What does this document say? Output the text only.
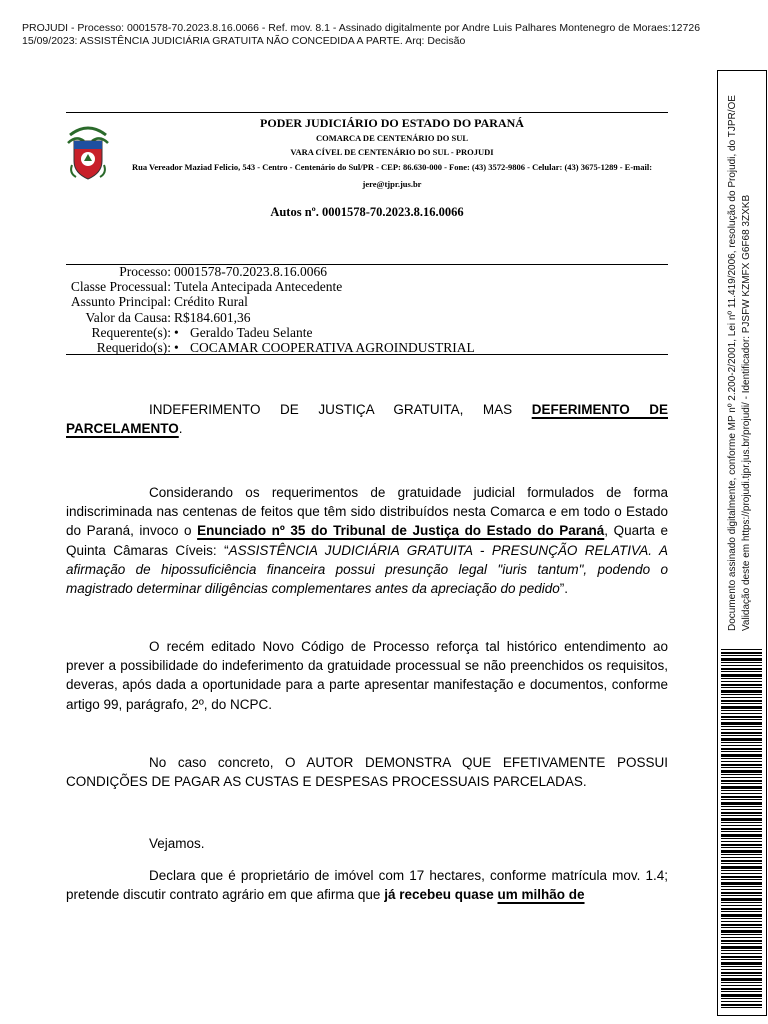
PROJUDI - Processo: 0001578-70.2023.8.16.0066 - Ref. mov. 8.1 - Assinado digitalmente por Andre Luis Palhares Montenegro de Moraes:12726
15/09/2023: ASSISTÊNCIA JUDICIÁRIA GRATUITA NÃO CONCEDIDA A PARTE. Arq: Decisão
PODER JUDICIÁRIO DO ESTADO DO PARANÁ
COMARCA DE CENTENÁRIO DO SUL
VARA CÍVEL DE CENTENÁRIO DO SUL - PROJUDI
Rua Vereador Maziad Felicio, 543 - Centro - Centenário do Sul/PR - CEP: 86.630-000 - Fone: (43) 3572-9806 - Celular: (43) 3675-1289 - E-mail: jere@tjpr.jus.br
Autos nº. 0001578-70.2023.8.16.0066
Processo:	0001578-70.2023.8.16.0066
Classe Processual:	Tutela Antecipada Antecedente
Assunto Principal:	Crédito Rural
Valor da Causa:	R$184.601,36
Requerente(s):	• Geraldo Tadeu Selante
Requerido(s):	• COCAMAR COOPERATIVA AGROINDUSTRIAL
INDEFERIMENTO DE JUSTIÇA GRATUITA, MAS DEFERIMENTO DE PARCELAMENTO.
Considerando os requerimentos de gratuidade judicial formulados de forma indiscriminada nas centenas de feitos que têm sido distribuídos nesta Comarca e em todo o Estado do Paraná, invoco o Enunciado nº 35 do Tribunal de Justiça do Estado do Paraná, Quarta e Quinta Câmaras Cíveis: “ASSISTÊNCIA JUDICIÁRIA GRATUITA - PRESUNÇÃO RELATIVA. A afirmação de hipossuficiência financeira possui presunção legal "iuris tantum", podendo o magistrado determinar diligências complementares antes da apreciação do pedido”.
O recém editado Novo Código de Processo reforça tal histórico entendimento ao prever a possibilidade do indeferimento da gratuidade processual se não preenchidos os requisitos, deveras, após dada a oportunidade para a parte apresentar manifestação e documentos, conforme artigo 99, parágrafo, 2º, do NCPC.
No caso concreto, O AUTOR DEMONSTRA QUE EFETIVAMENTE POSSUI CONDIÇÕES DE PAGAR AS CUSTAS E DESPESAS PROCESSUAIS PARCELADAS.
Vejamos.
Declara que é proprietário de imóvel com 17 hectares, conforme matrícula mov. 1.4; pretende discutir contrato agrário em que afirma que já recebeu quase um milhão de
Documento assinado digitalmente, conforme MP nº 2.200-2/2001, Lei nº 11.419/2006, resolução do Projudi, do TJPR/OE Validação deste em https://projudi.tjpr.jus.br/projudi/ - Identificador: PJSFW KZMFX G6F68 3ZXKB
